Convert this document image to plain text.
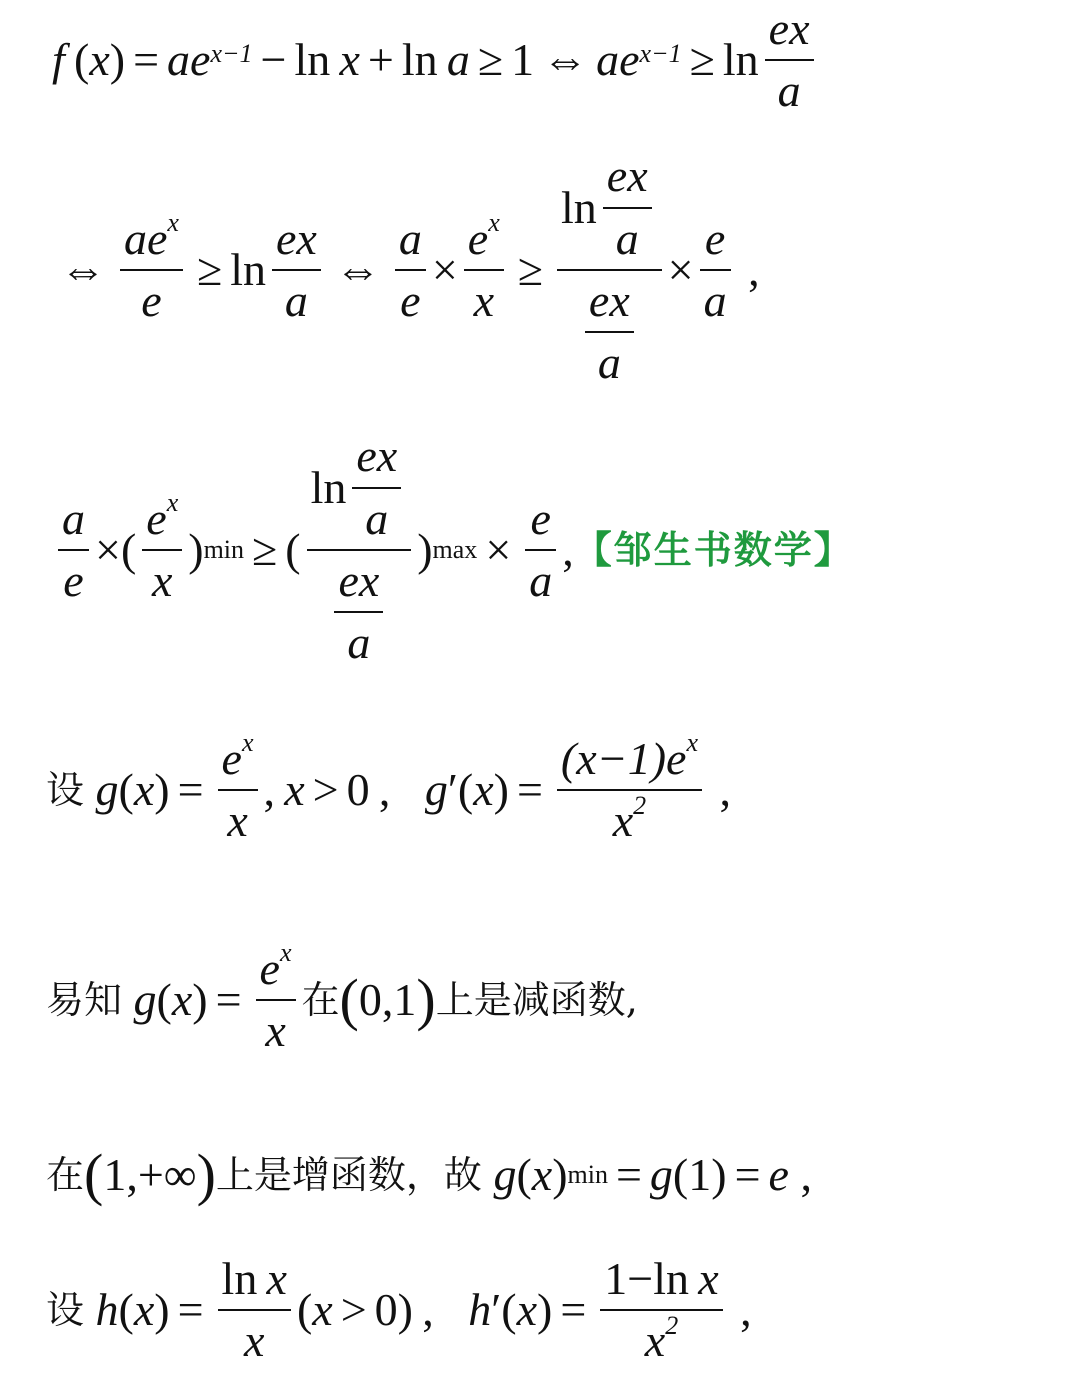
f  ( x ) = $ae^{x-1} - \ln x + \ln a \ge 1$ ⇔ $ae^{x-1} \ge \ln \frac{ex}{a}$
⇔ $\frac{ae^x}{e} \ge \ln \frac{ex}{a}$ ⇔ $\frac{a}{e} \times \frac{e^x}{x} \ge \frac{\ln \frac{ex}{a}}{\frac{ex}{a}} \times \frac{e}{a}$ ,
$\frac{a}{e}$ ×( $\frac{e^x}{x}$ ) min ≥ ( $\frac{\ln \frac{ex}{a}}{\frac{ex}{a}}$ ) $\max \times \frac{e}{a}$ , 【邹生书数学】
设
g ( x ) = $\frac{e^x}{x}$ ,  x > 0 , g ′( x ) = $\frac{(x-1)e^x}{x^2}$ ,
易知
g ( x ) = $\frac{e^x}{x}$ 在 ( 0,1 ) 上是减函数,
在 ( 1,+∞ ) 上是增函数，故
g ( x ) min = g (1) = e ,
设
h ( x ) = $\frac{\text{ln x}}{x}$ ( x > 0) , h ′( x ) = $\frac{\text{1−ln x}}{x^2}$ ,
